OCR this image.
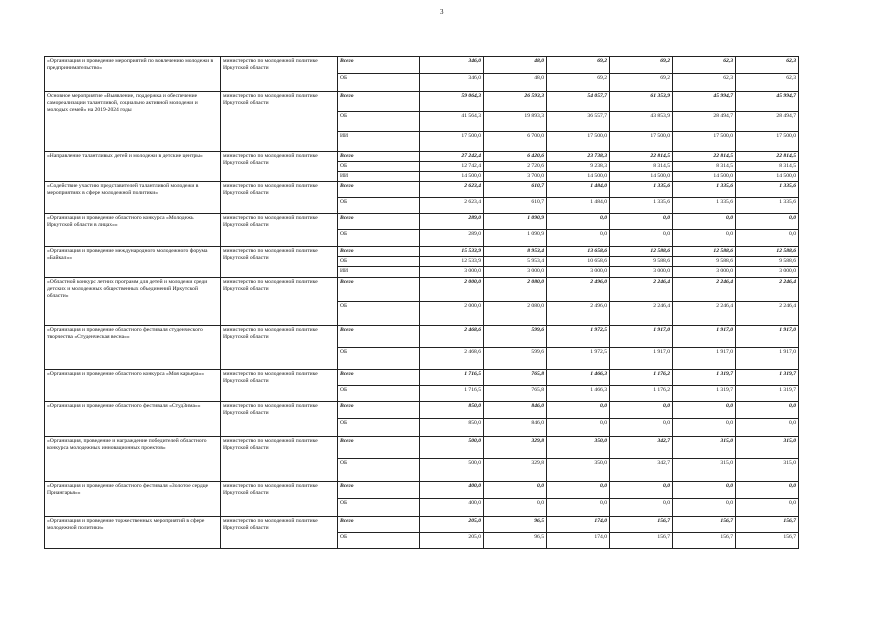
3
«Организация и проведение мероприятий по вовлечению молодежи в предпринимательство»	министерство по молодежной политике Иркутской области	Всего	346,0	48,0	69,2	69,2	62,3	62,3
		ОБ	346,0	48,0	69,2	69,2	62,3	62,3
Основное мероприятие «Выявление, поддержка и обеспечение самореализации талантливой, социально активной молодежи и молодых семей» на 2019-2024 годы	министерство по молодежной политике Иркутской области	Всего	59 064,3	26 593,3	54 057,7	61 353,9	45 994,7	45 994,7
		ОБ	41 564,3	19 893,3	36 557,7	43 853,9	28 494,7	28 494,7
		ИИ	17 500,0	6 700,0	17 500,0	17 500,0	17 500,0	17 500,0
«Направление талантливых детей и молодежи в детские центры»	министерство по молодежной политике Иркутской области	Всего	27 242,4	6 420,6	23 738,3	22 814,5	22 814,5	22 814,5
		ОБ	12 742,4	2 720,6	9 238,3	8 314,5	8 314,5	8 314,5
		ИИ	14 500,0	3 700,0	14 500,0	14 500,0	14 500,0	14 500,0
«Содействие участию представителей талантливой молодежи в мероприятиях в сфере молодежной политики»	министерство по молодежной политике Иркутской области	Всего	2 623,4	610,7	1 484,0	1 335,6	1 335,6	1 335,6
		ОБ	2 623,4	610,7	1 484,0	1 335,6	1 335,6	1 335,6
«Организация и проведение областного конкурса «Молодежь Иркутской области в лицах»»	министерство по молодежной политике Иркутской области	Всего	289,0	1 090,9	0,0	0,0	0,0	0,0
		ОБ	289,0	1 090,9	0,0	0,0	0,0	0,0
«Организация и проведение международного молодежного форума «Байкал»»	министерство по молодежной политике Иркутской области	Всего	15 533,9	8 953,4	13 658,6	12 588,6	12 588,6	12 588,6
		ОБ	12 533,9	5 953,4	10 658,6	9 588,6	9 588,6	9 588,6
		ИИ	3 000,0	3 000,0	3 000,0	3 000,0	3 000,0	3 000,0
«Областной конкурс летних программ для детей и молодежи среди детских и молодежных общественных объединений Иркутской области»	министерство по молодежной политике Иркутской области	Всего	2 000,0	2 080,0	2 496,0	2 246,4	2 246,4	2 246,4
		ОБ	2 000,0	2 080,0	2 496,0	2 246,4	2 246,4	2 246,4
«Организация и проведение областного фестиваля студенческого творчества «Студенческая весна»»	министерство по молодежной политике Иркутской области	Всего	2 468,6	599,6	1 972,5	1 917,0	1 917,0	1 917,0
		ОБ	2 468,6	599,6	1 972,5	1 917,0	1 917,0	1 917,0
«Организация и проведение областного конкурса «Моя карьера»»	министерство по молодежной политике Иркутской области	Всего	1 716,5	765,8	1 466,3	1 176,2	1 319,7	1 319,7
		ОБ	1 716,5	765,8	1 466,3	1 176,2	1 319,7	1 319,7
«Организация и проведение областного фестиваля «СтудЗима»»	министерство по молодежной политике Иркутской области	Всего	850,0	846,0	0,0	0,0	0,0	0,0
		ОБ	850,0	846,0	0,0	0,0	0,0	0,0
«Организация, проведение и награждение победителей областного конкурса молодежных инновационных проектов»	министерство по молодежной политике Иркутской области	Всего	500,0	329,8	350,0	342,7	315,0	315,0
		ОБ	500,0	329,8	350,0	342,7	315,0	315,0
«Организация и проведение областного фестиваля «Золотое сердце Приангарья»»	министерство по молодежной политике Иркутской области	Всего	400,0	0,0	0,0	0,0	0,0	0,0
		ОБ	400,0	0,0	0,0	0,0	0,0	0,0
«Организация и проведение торжественных мероприятий в сфере молодежной политики»	министерство по молодежной политике Иркутской области	Всего	205,0	96,5	174,0	156,7	156,7	156,7
		ОБ	205,0	96,5	174,0	156,7	156,7	156,7
